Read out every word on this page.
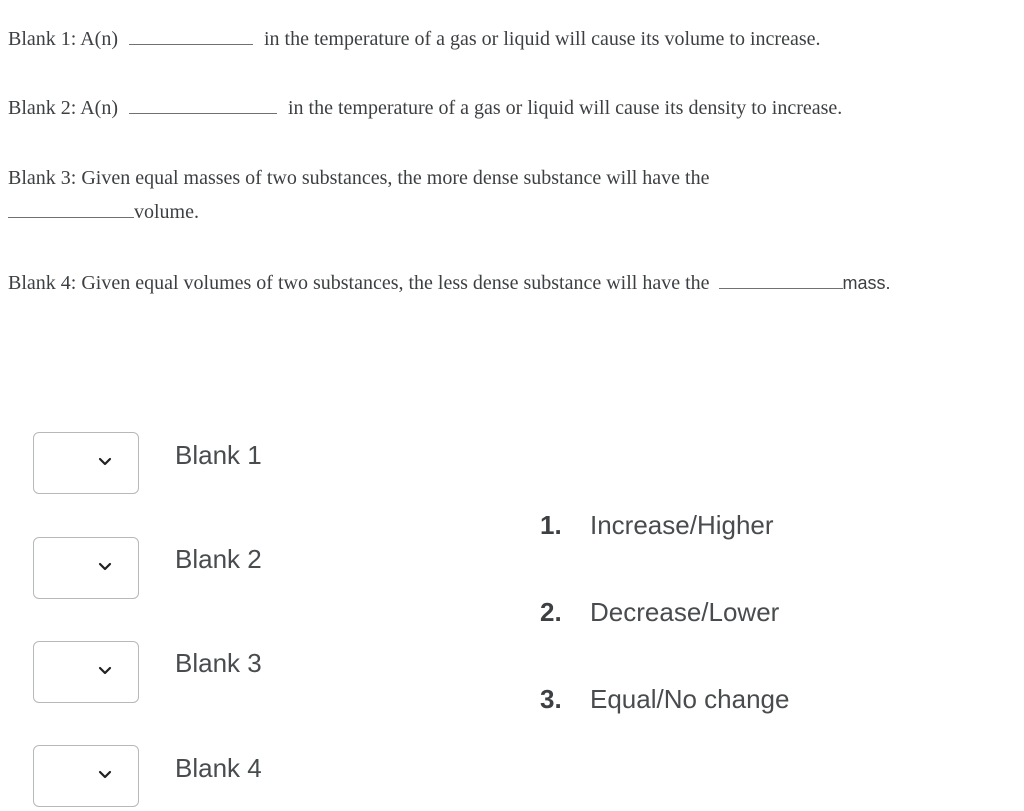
Blank 1: A(n)	in the temperature of a gas or liquid will cause its volume to increase.
Blank 2: A(n)	in the temperature of a gas or liquid will cause its density to increase.
Blank 3: Given equal masses of two substances, the more dense substance will have the
volume.
Blank 4: Given equal volumes of two substances, the less dense substance will have the	mass.
Blank 1
Blank 2
Blank 3
Blank 4
1. Increase/Higher
2. Decrease/Lower
3. Equal/No change
